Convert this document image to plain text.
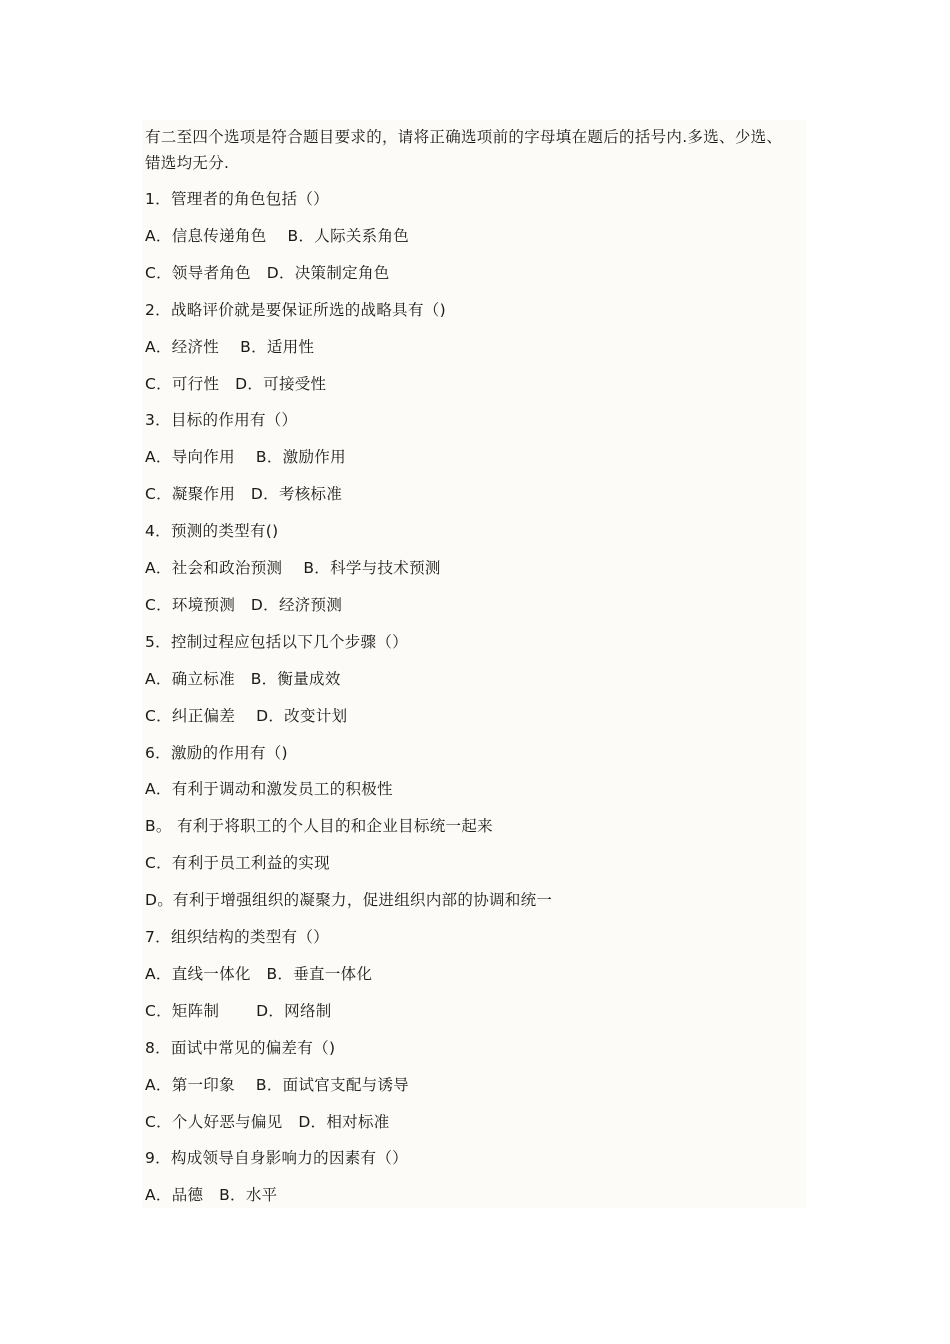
有二至四个选项是符合题目要求的，请将正确选项前的字母填在题后的括号内.多选、少选、
错选均无分.
1．管理者的角色包括（）
A．信息传递角色　 B．人际关系角色
C．领导者角色　D．决策制定角色
2．战略评价就是要保证所选的战略具有（)
A．经济性　 B．适用性
C．可行性　D．可接受性
3．目标的作用有（）
A．导向作用　 B．激励作用
C．凝聚作用　D．考核标准
4．预测的类型有()
A．社会和政治预测　 B．科学与技术预测
C．环境预测　D．经济预测
5．控制过程应包括以下几个步骤（）
A．确立标准　B．衡量成效
C．纠正偏差　 D．改变计划
6．激励的作用有（)
A．有利于调动和激发员工的积极性
B。 有利于将职工的个人目的和企业目标统一起来
C．有利于员工利益的实现
D。有利于增强组织的凝聚力，促进组织内部的协调和统一
7．组织结构的类型有（）
A．直线一体化　B．垂直一体化
C．矩阵制　　 D．网络制
8．面试中常见的偏差有（)
A．第一印象　 B．面试官支配与诱导
C．个人好恶与偏见　D．相对标准
9．构成领导自身影响力的因素有（）
A．品德　B．水平
